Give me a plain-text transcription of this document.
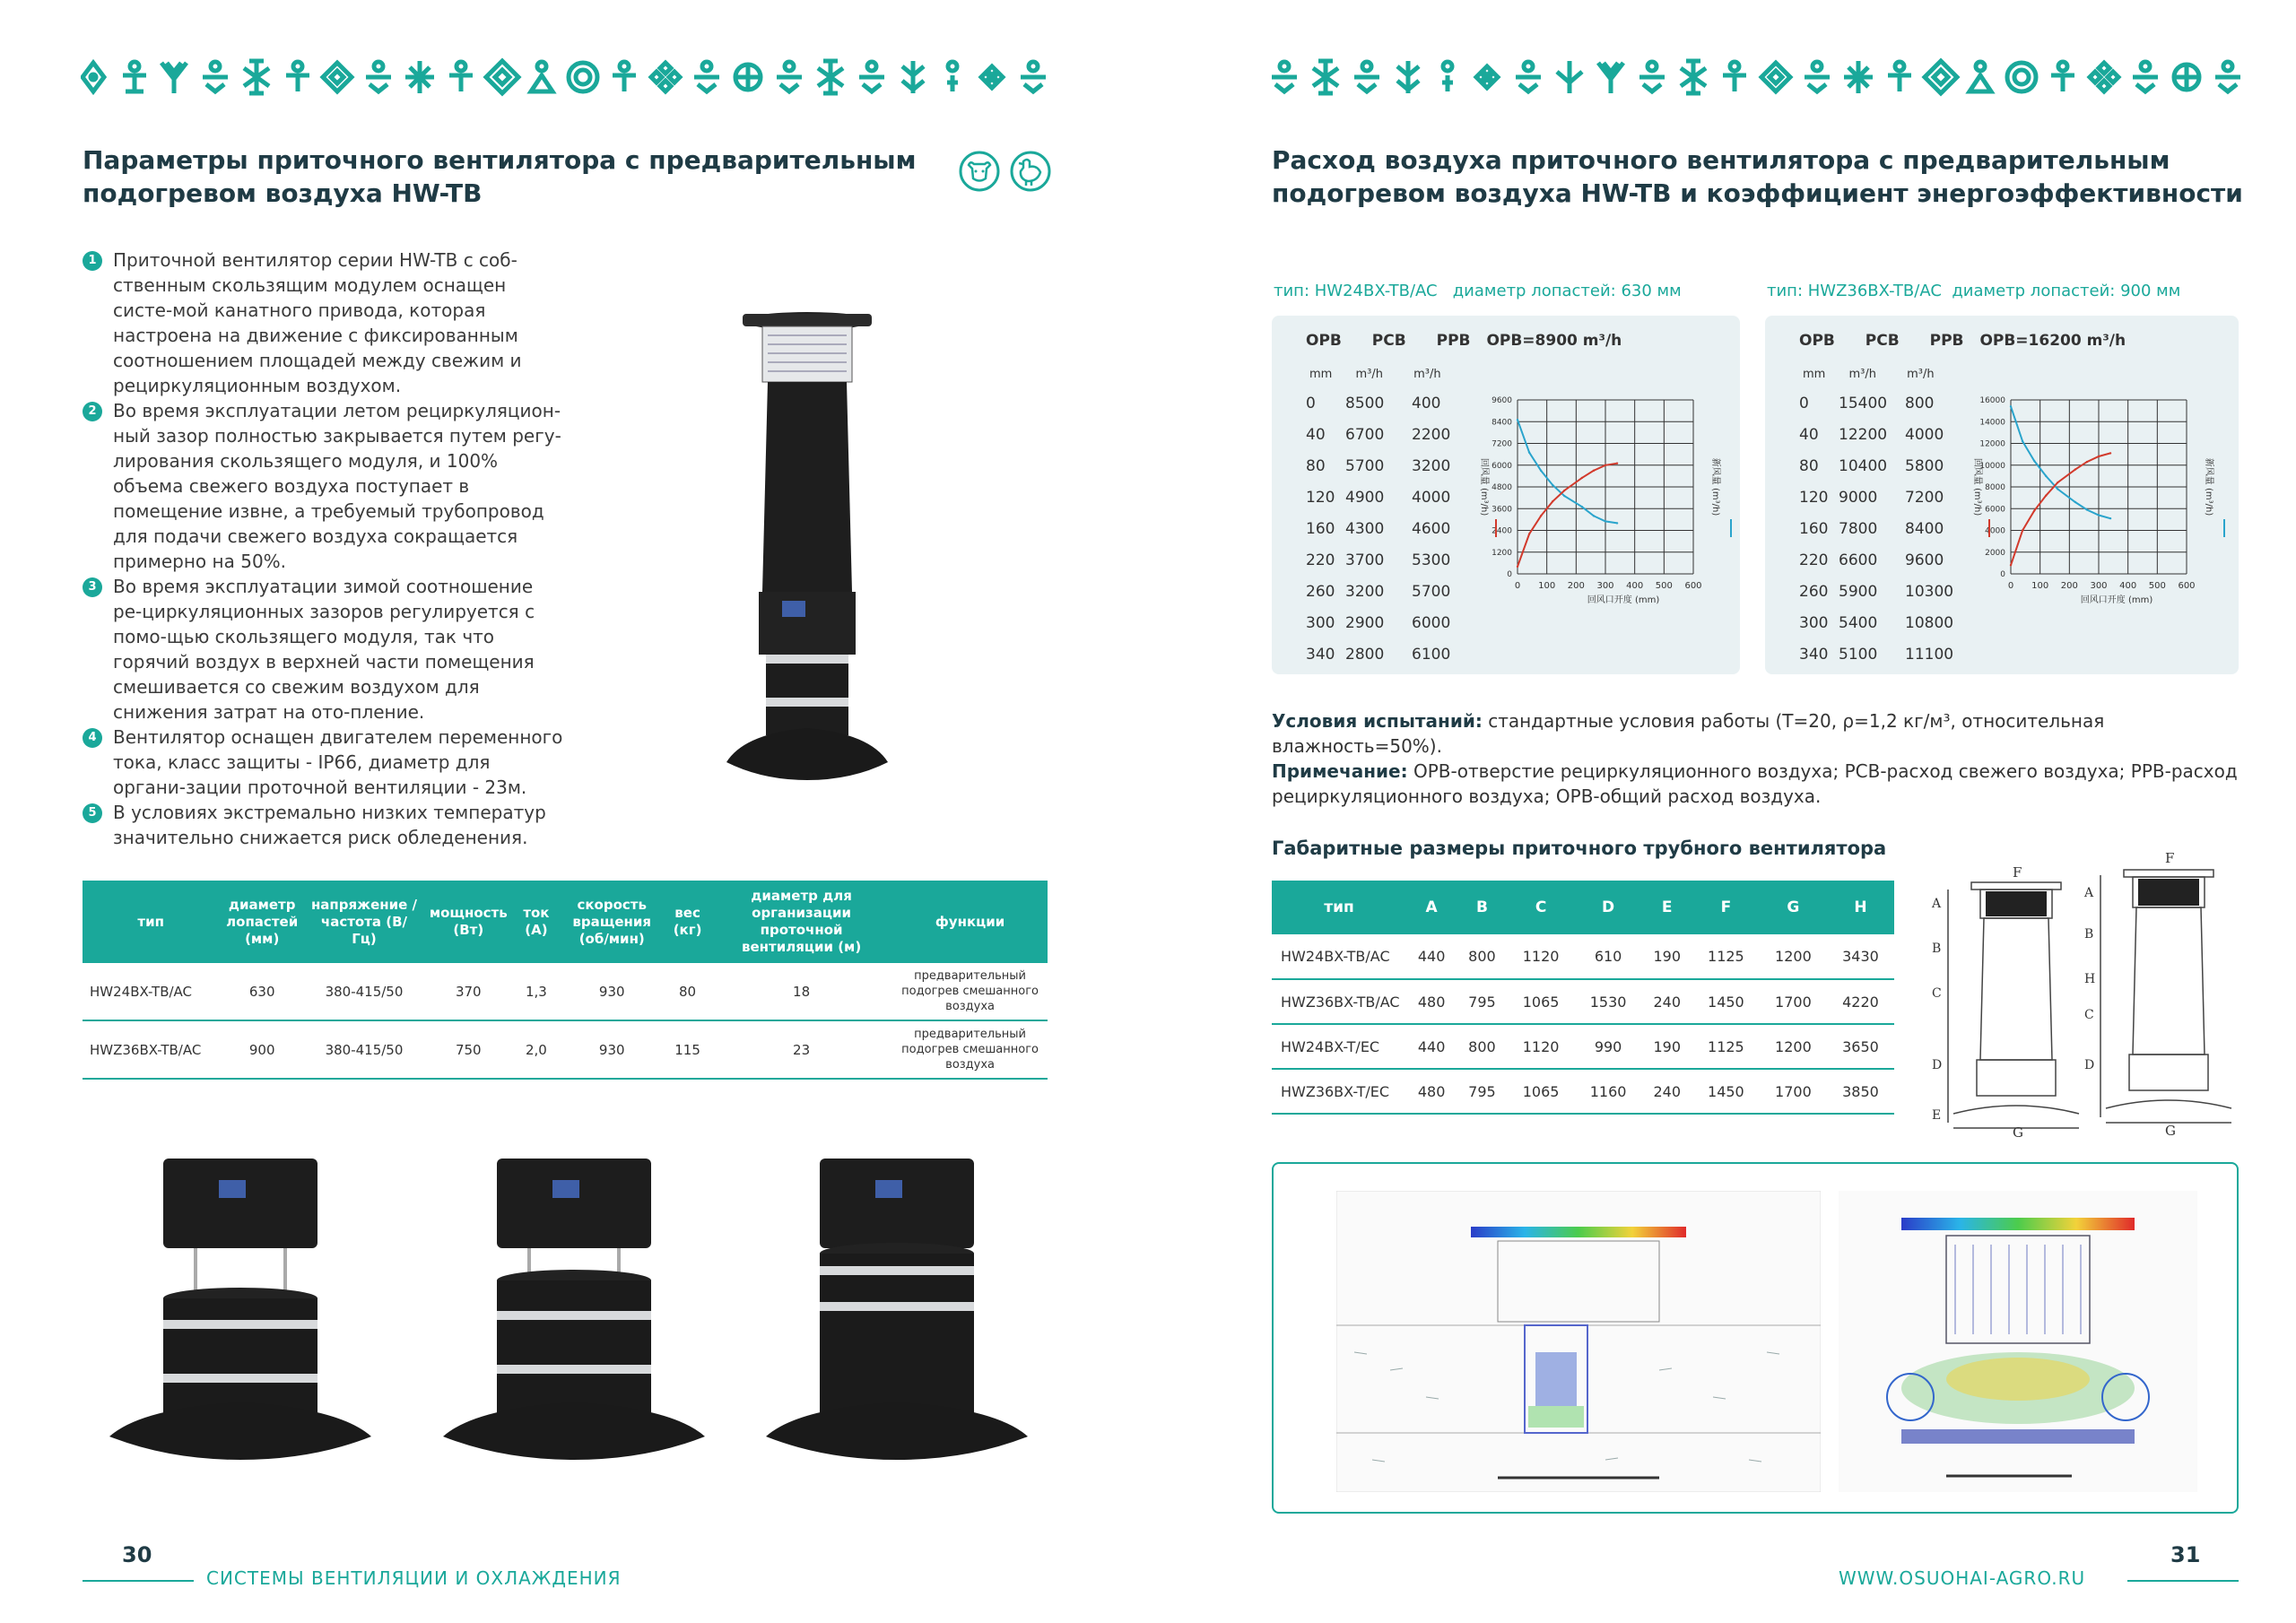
Параметры приточного вентилятора с предварительным
подогревом воздуха HW-TB
1 Приточной вентилятор серии HW-TB с соб-ственным скользящим модулем оснащен систе-мой канатного привода, которая настроена на движение с фиксированным соотношением площадей между свежим и рециркуляционным воздухом.
2 Во время эксплуатации летом рециркуляцион-ный зазор полностью закрывается путем регу-лирования скользящего модуля, и 100% объема свежего воздуха поступает в помещение извне, а требуемый трубопровод для подачи свежего воздуха сокращается примерно на 50%.
3 Во время эксплуатации зимой соотношение ре-циркуляционных зазоров регулируется с помо-щью скользящего модуля, так что горячий воздух в верхней части помещения смешивается со свежим воздухом для снижения затрат на ото-пление.
4 Вентилятор оснащен двигателем переменного тока, класс защиты - IP66, диаметр для органи-зации проточной вентиляции - 23м.
5 В условиях экстремально низких температур значительно снижается риск обледенения.
тип	диаметр лопастей (мм)	напряжение / частота (В/Гц)	мощность (Вт)	ток (А)	скорость вращения (об/мин)	вес (кг)	диаметр для организации проточной вентиляции (м)	функции
HW24BX-TB/AC	630	380-415/50	370	1,3	930	80	18	предварительный подогрев смешанного воздуха
HWZ36BX-TB/AC	900	380-415/50	750	2,0	930	115	23	предварительный подогрев смешанного воздуха
30
СИСТЕМЫ ВЕНТИЛЯЦИИ И ОХЛАЖДЕНИЯ
Расход воздуха приточного вентилятора с предварительным
подогревом воздуха HW-TB и коэффициент энергоэффективности
тип: HW24BX-TB/AC   диаметр лопастей: 630 мм	тип: HWZ36BX-TB/AC  диаметр лопастей: 900 мм
OPB PCB PPB OPB=8900 m³/h
mm m³/h	m³/h
0 8500 400
40 6700 2200
80 5700 3200
120 4900 4000
160 4300 4600
220 3700 5300
260 3200 5700
300 2900 6000
340 2800 6100
0 100 200 300 400 500 600
9600
8400
7200
6000
4800
3600
2400
1200
0
回风口开度 (mm)
回风量 (m³/h)	新风量 (m³/h)
OPB PCB PPB OPB=16200 m³/h
mm m³/h	m³/h
0 15400 800
40 12200 4000
80 10400 5800
120 9000 7200
160 7800 8400
220 6600 9600
260 5900 10300
300 5400 10800
340 5100 11100
0 100 200 300 400 500 600
16000
14000
12000
10000
8000
6000
4000
2000
0
回风口开度 (mm)
回风量 (m³/h)	新风量 (m³/h)
Условия испытаний: стандартные условия работы (T=20, ρ=1,2 кг/м³, относительная влажность=50%).
Примечание: OPB-отверстие рециркуляционного воздуха; PCB-расход свежего воздуха; PPB-расход рециркуляционного воздуха; OPB-общий расход воздуха.
Габаритные размеры приточного трубного вентилятора
тип	A	B	C	D	E	F	G	H
HW24BX-TB/AC	440	800	1120	610	190	1125	1200	3430
HWZ36BX-TB/AC	480	795	1065	1530	240	1450	1700	4220
HW24BX-T/EC	440	800	1120	990	190	1125	1200	3650
HWZ36BX-T/EC	480	795	1065	1160	240	1450	1700	3850
F
A
B
C
D
E
G
F
A
B
H
C
D
G
WWW.OSUOHAI-AGRO.RU
31
